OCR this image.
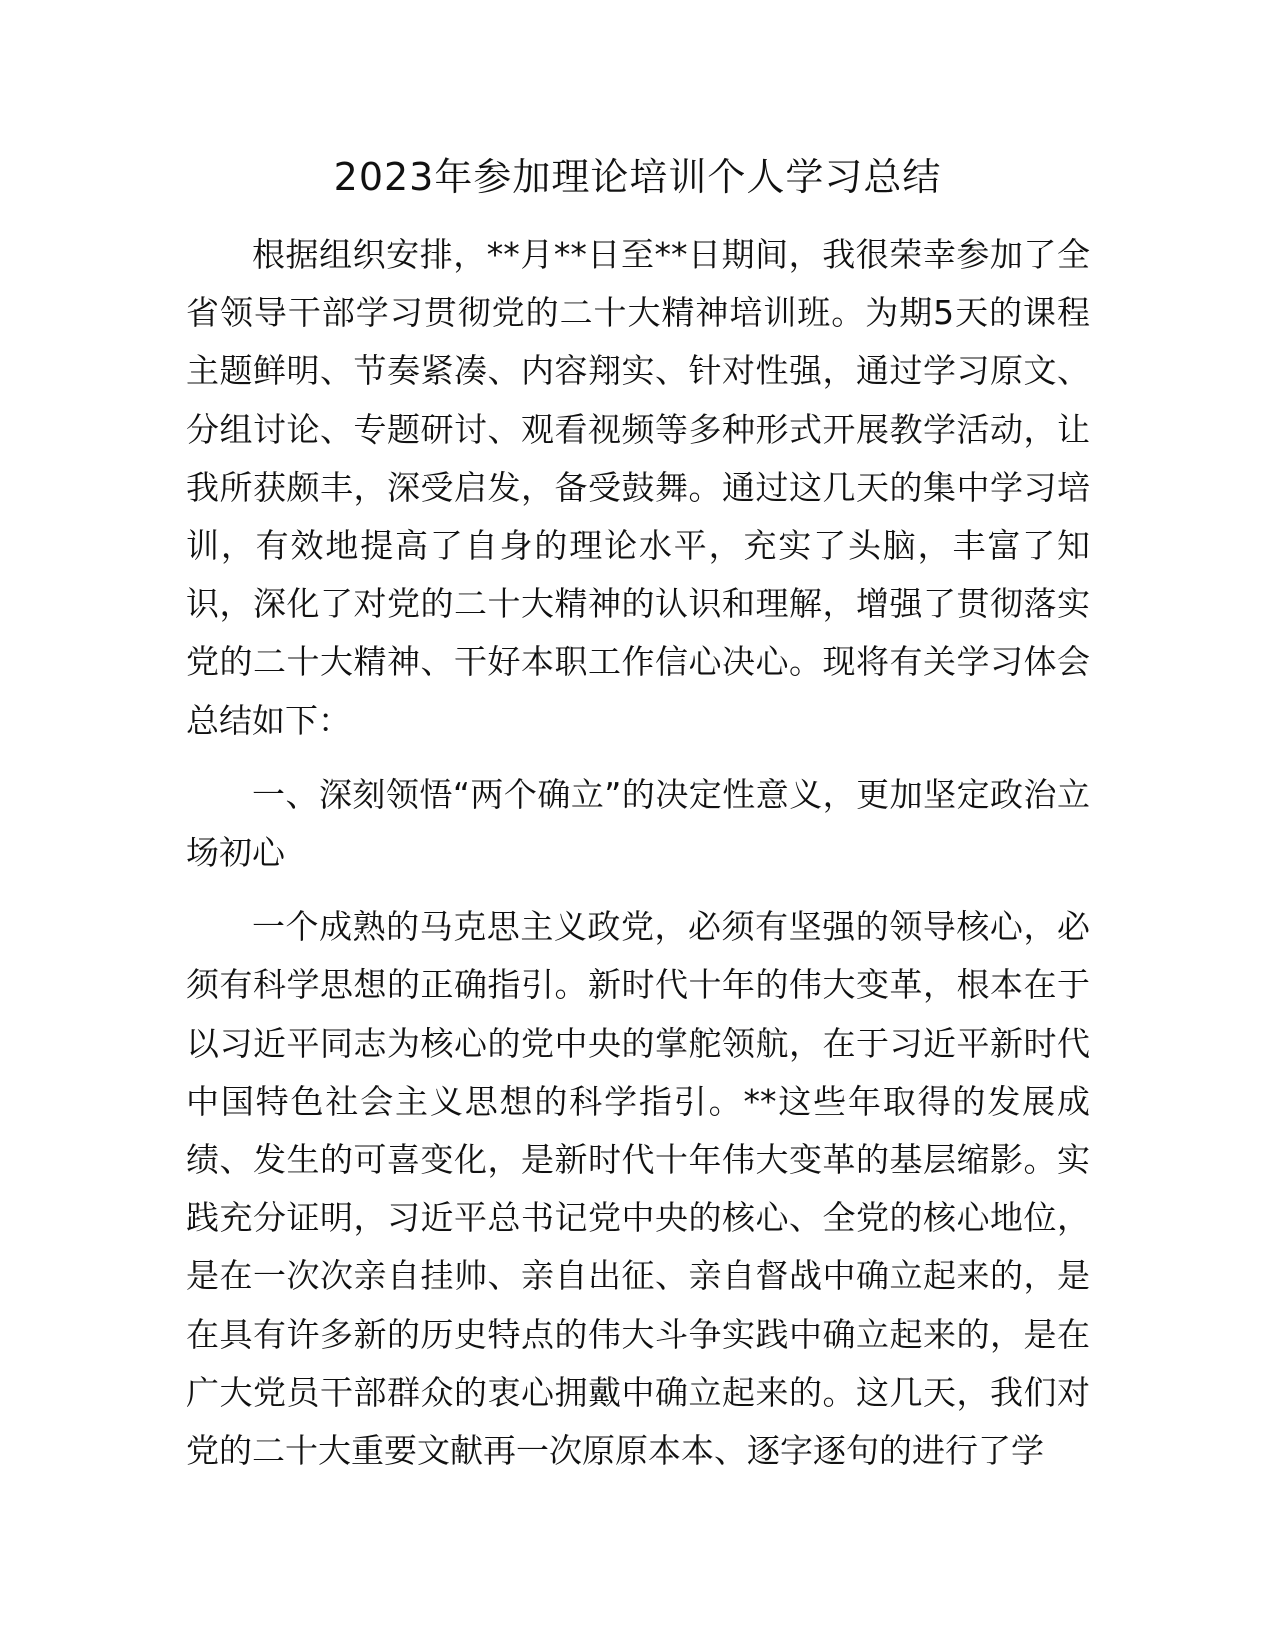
2023年参加理论培训个人学习总结

根据组织安排，**月**日至**日期间，我很荣幸参加了全省领导干部学习贯彻党的二十大精神培训班。为期5天的课程主题鲜明、节奏紧凑、内容翔实、针对性强，通过学习原文、分组讨论、专题研讨、观看视频等多种形式开展教学活动，让我所获颇丰，深受启发，备受鼓舞。通过这几天的集中学习培训，有效地提高了自身的理论水平，充实了头脑，丰富了知识，深化了对党的二十大精神的认识和理解，增强了贯彻落实党的二十大精神、干好本职工作信心决心。现将有关学习体会总结如下：

一、深刻领悟“两个确立”的决定性意义，更加坚定政治立场初心

一个成熟的马克思主义政党，必须有坚强的领导核心，必须有科学思想的正确指引。新时代十年的伟大变革，根本在于以习近平同志为核心的党中央的掌舵领航，在于习近平新时代中国特色社会主义思想的科学指引。**这些年取得的发展成绩、发生的可喜变化，是新时代十年伟大变革的基层缩影。实践充分证明，习近平总书记党中央的核心、全党的核心地位，是在一次次亲自挂帅、亲自出征、亲自督战中确立起来的，是在具有许多新的历史特点的伟大斗争实践中确立起来的，是在广大党员干部群众的衷心拥戴中确立起来的。这几天，我们对党的二十大重要文献再一次原原本本、逐字逐句的进行了学
